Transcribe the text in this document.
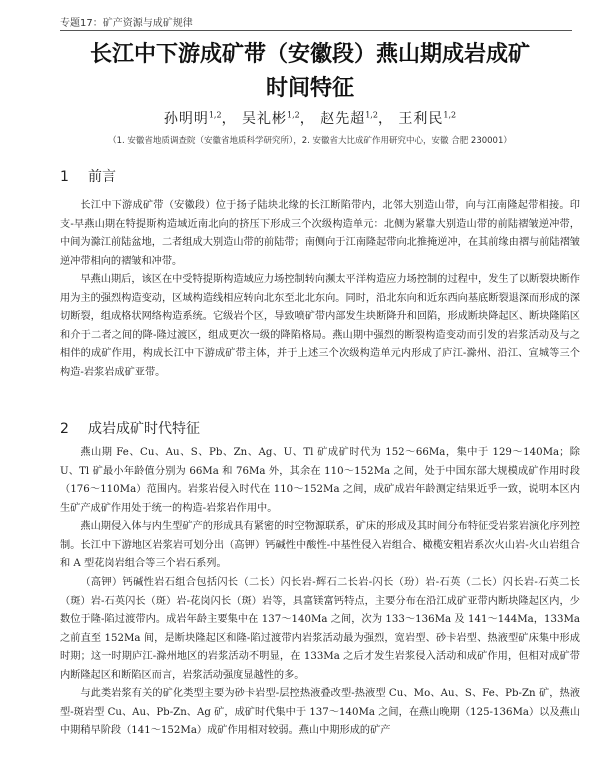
专题17：矿产资源与成矿规律
长江中下游成矿带（安徽段）燕山期成岩成矿
时间特征
孙明明$^{1,2}$， 吴礼彬$^{1,2}$， 赵先超$^{1,2}$， 王利民$^{1,2}$
（1. 安徽省地质调查院（安徽省地质科学研究所），2. 安徽省大比成矿作用研究中心，安徽 合肥 230001）
1 前言

长江中下游成矿带（安徽段）位于扬子陆块北缘的长江断陷带内，北邻大别造山带，向与江南隆起带相接。印支-早燕山期在特提斯构造域近南北向的挤压下形成三个次级构造单元：北侧为紧靠大别造山带的前陆褶皱逆冲带，中间为滁江前陆盆地，二者组成大别造山带的前陆带；南侧向于江南隆起带向北推掩逆冲，在其前缘由褶与前陆褶皱逆冲带相向的褶皱和冲带。

早燕山期后，该区在中受特提斯构造域应力场控制转向濒太平洋构造应力场控制的过程中，发生了以断裂块断作用为主的强烈构造变动，区域构造线相应转向北东至北北东向。同时，沿北东向和近东西向基底断裂退深而形成的深切断裂，组成格状网络构造系统。它级岩个区，导致喷矿带内部发生块断降升和回陷，形成断块降起区、断块隆陷区和介于二者之间的降-隆过渡区，组成更次一级的降陷格局。燕山期中强烈的断裂构造变动而引发的岩浆活动及与之相伴的成矿作用，构成长江中下游成矿带主体，并于上述三个次级构造单元内形成了庐江-滁州、沿江、宣城等三个构造-岩浆岩成矿亚带。

2 成岩成矿时代特征

燕山期 Fe、Cu、Au、S、Pb、Zn、Ag、U、Tl 矿成矿时代为 152～66Ma，集中于 129～140Ma；除 U、Tl 矿最小年龄值分别为 66Ma 和 76Ma 外，其余在 110～152Ma 之间，处于中国东部大规模成矿作用时段（176～110Ma）范围内。岩浆岩侵入时代在 110～152Ma 之间，成矿成岩年龄测定结果近乎一致，说明本区内生矿产成矿作用处于统一的构造-岩浆岩作用中。

燕山期侵入体与内生型矿产的形成具有紧密的时空物源联系，矿床的形成及其时间分布特征受岩浆岩演化序列控制。长江中下游地区岩浆岩可划分出（高钾）钙碱性中酸性-中基性侵入岩组合、橄榄安粗岩系次火山岩-火山岩组合和 A 型花岗岩组合等三个岩石系列。

（高钾）钙碱性岩石组合包括闪长（二长）闪长岩-辉石二长岩-闪长（玢）岩-石英（二长）闪长岩-石英二长（斑）岩-石英闪长（斑）岩-花岗闪长（斑）岩等，具富镁富钙特点，主要分布在沿江成矿亚带内断块隆起区内，少数位于隆-陷过渡带内。成岩年龄主要集中在 137～140Ma 之间，次为 133～136Ma 及 141～144Ma，133Ma 之前直至 152Ma 间，是断块隆起区和隆-陷过渡带内岩浆活动最为强烈，宽岩型、砂卡岩型、热液型矿床集中形成时期；这一时期庐江-滁州地区的岩浆活动不明显，在 133Ma 之后才发生岩浆侵入活动和成矿作用，但相对成矿带内断隆起区和断陷区而言，岩浆活动强度显越性的多。

与此类岩浆有关的矿化类型主要为砂卡岩型-层控热液叠改型-热液型 Cu、Mo、Au、S、Fe、Pb-Zn 矿，热液型-斑岩型 Cu、Au、Pb-Zn、Ag 矿，成矿时代集中于 137～140Ma 之间，在燕山晚期（125-136Ma）以及燕山中期稍早阶段（141～152Ma）成矿作用相对较弱。燕山中期形成的矿产
